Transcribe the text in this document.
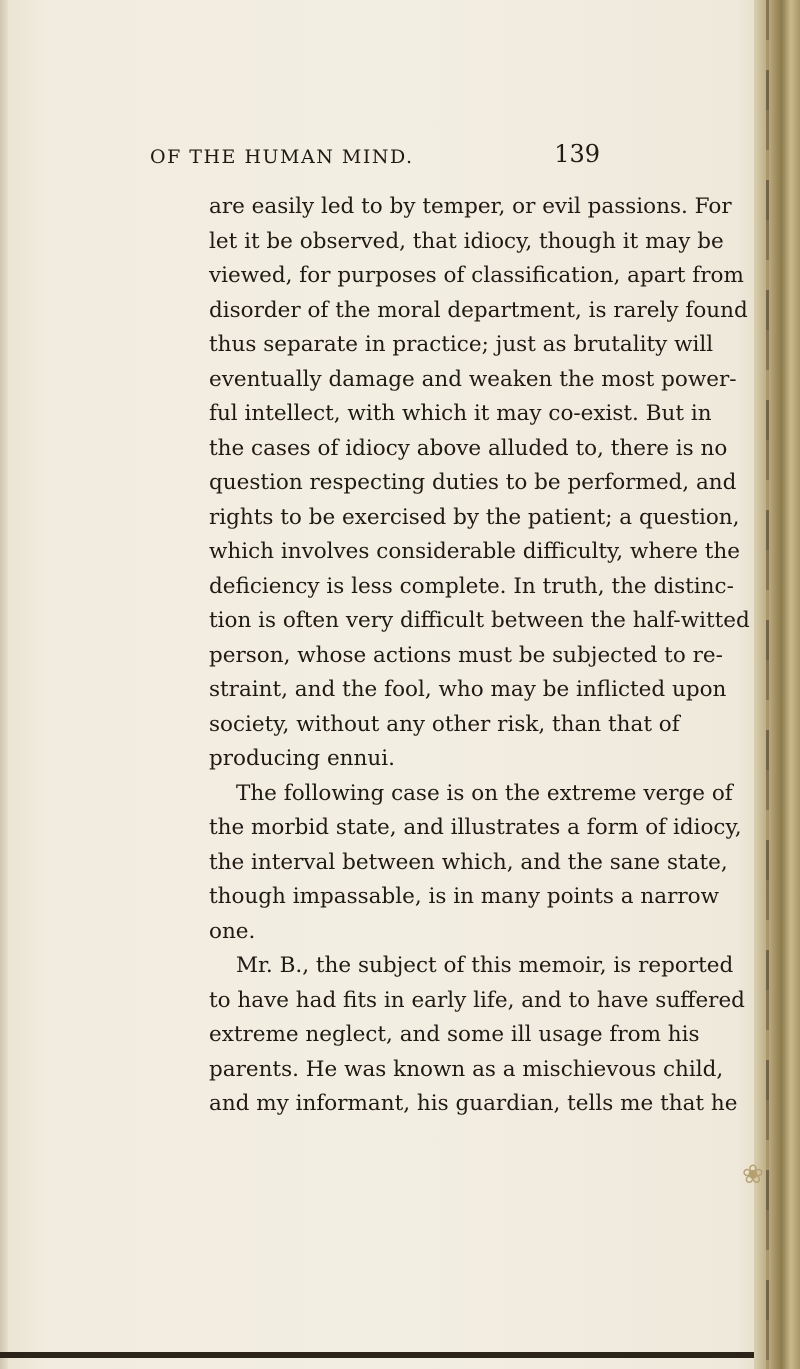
OF THE HUMAN MIND.	139
are easily led to by temper, or evil passions. For
let it be observed, that idiocy, though it may be
viewed, for purposes of classification, apart from
disorder of the moral department, is rarely found
thus separate in practice; just as brutality will
eventually damage and weaken the most power-
ful intellect, with which it may co-exist. But in
the cases of idiocy above alluded to, there is no
question respecting duties to be performed, and
rights to be exercised by the patient; a question,
which involves considerable difficulty, where the
deficiency is less complete. In truth, the distinc-
tion is often very difficult between the half-witted
person, whose actions must be subjected to re-
straint, and the fool, who may be inflicted upon
society, without any other risk, than that of
producing ennui.
The following case is on the extreme verge of
the morbid state, and illustrates a form of idiocy,
the interval between which, and the sane state,
though impassable, is in many points a narrow
one.
Mr. B., the subject of this memoir, is reported
to have had fits in early life, and to have suffered
extreme neglect, and some ill usage from his
parents. He was known as a mischievous child,
and my informant, his guardian, tells me that he
❀
